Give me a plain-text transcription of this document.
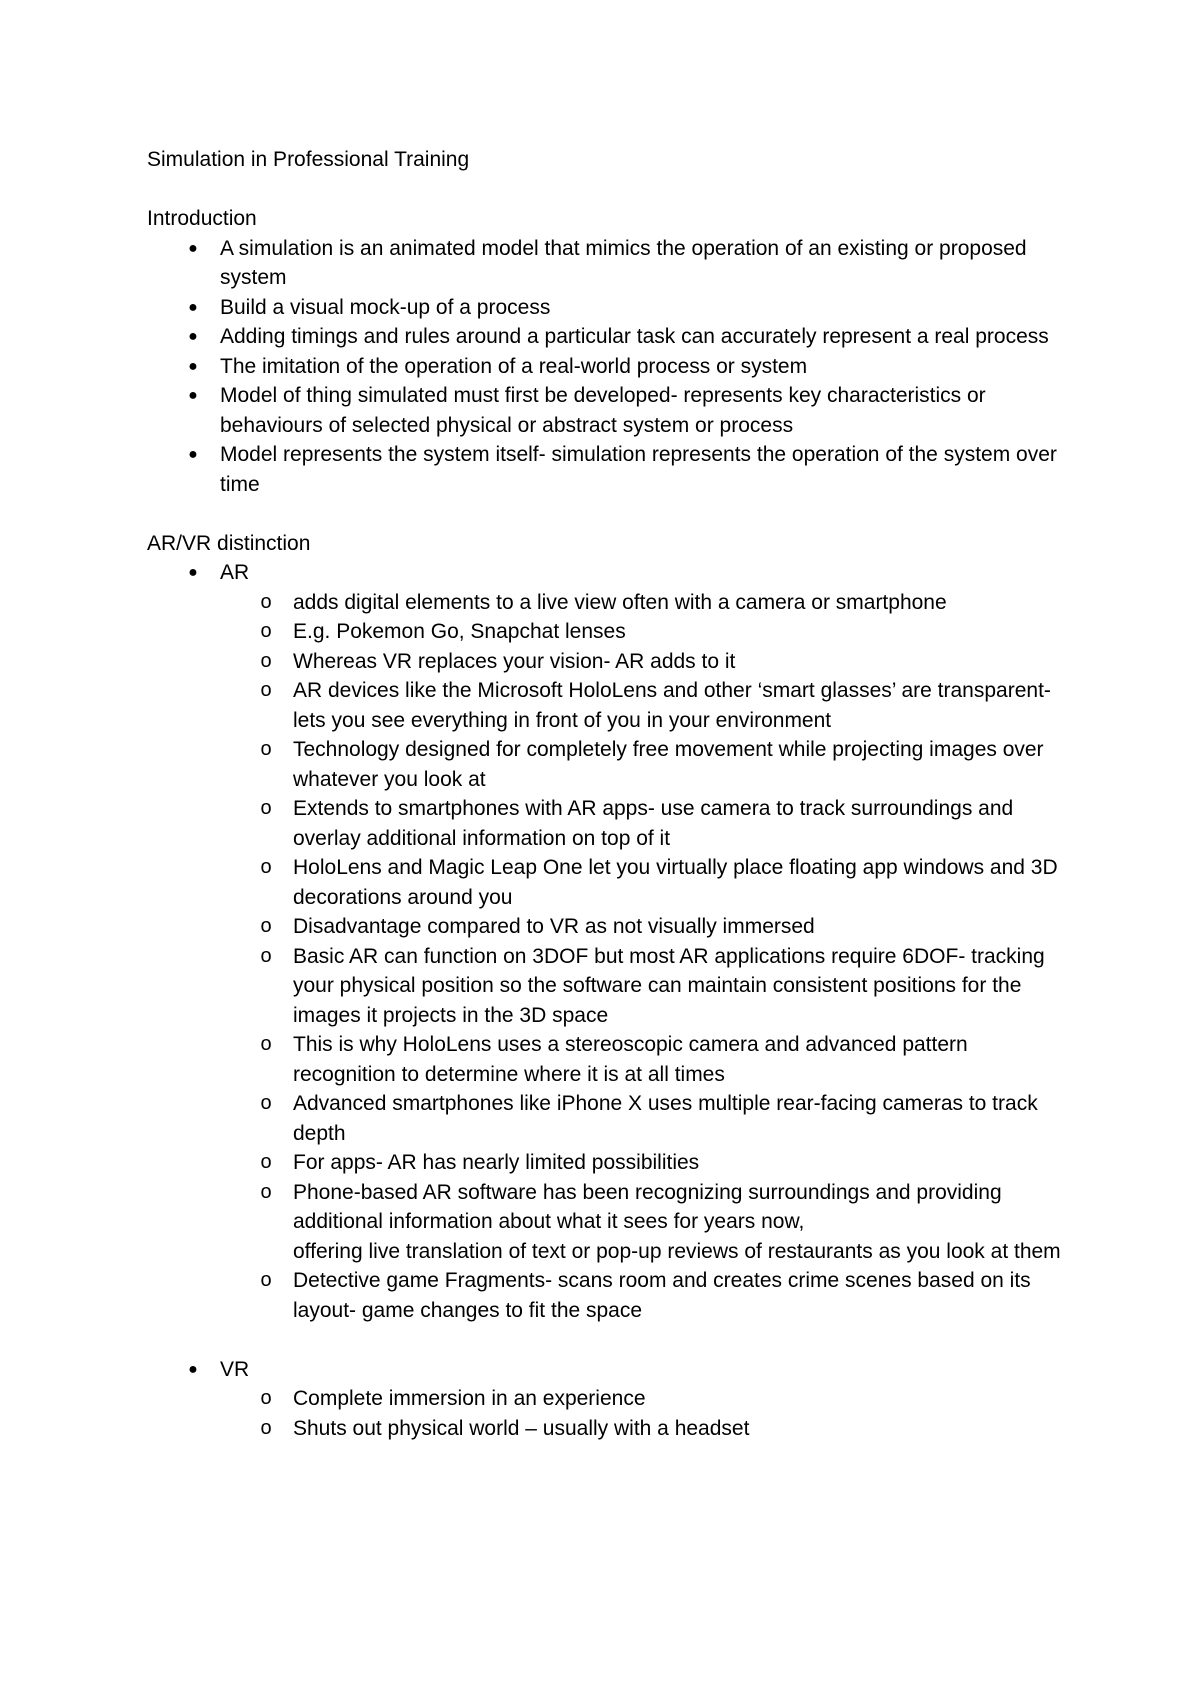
Simulation in Professional Training
Introduction
● A simulation is an animated model that mimics the operation of an existing or proposed system
● Build a visual mock-up of a process
● Adding timings and rules around a particular task can accurately represent a real process
● The imitation of the operation of a real-world process or system
● Model of thing simulated must first be developed- represents key characteristics or behaviours of selected physical or abstract system or process
● Model represents the system itself- simulation represents the operation of the system over time
AR/VR distinction
● AR
o adds digital elements to a live view often with a camera or smartphone
o E.g. Pokemon Go, Snapchat lenses
o Whereas VR replaces your vision- AR adds to it
o AR devices like the Microsoft HoloLens and other ‘smart glasses’ are transparent- lets you see everything in front of you in your environment
o Technology designed for completely free movement while projecting images over whatever you look at
o Extends to smartphones with AR apps- use camera to track surroundings and overlay additional information on top of it
o HoloLens and Magic Leap One let you virtually place floating app windows and 3D decorations around you
o Disadvantage compared to VR as not visually immersed
o Basic AR can function on 3DOF but most AR applications require 6DOF- tracking your physical position so the software can maintain consistent positions for the images it projects in the 3D space
o This is why HoloLens uses a stereoscopic camera and advanced pattern recognition to determine where it is at all times
o Advanced smartphones like iPhone X uses multiple rear-facing cameras to track depth
o For apps- AR has nearly limited possibilities
o Phone-based AR software has been recognizing surroundings and providing additional information about what it sees for years now,
offering live translation of text or pop-up reviews of restaurants as you look at them
o Detective game Fragments- scans room and creates crime scenes based on its layout- game changes to fit the space
● VR
o Complete immersion in an experience
o Shuts out physical world – usually with a headset
